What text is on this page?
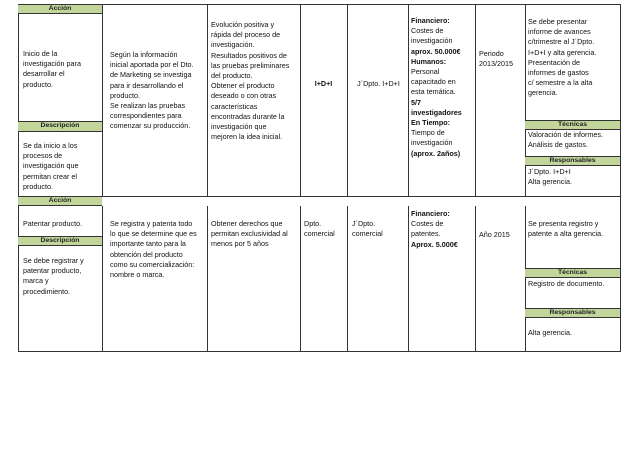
Acción
Inicio de la
investigación para
desarrollar el
producto.
Descripción
Se da inicio a los
procesos de
investigación que
permitan crear el
producto.
Según la información
inicial aportada por el Dto.
de Marketing se investiga
para ir desarrollando el
producto.
Se realizan las pruebas
correspondientes para
comenzar su producción.
Evolución positiva y
rápida del proceso de
investigación.
Resultados positivos de
las pruebas preliminares
del producto.
Obtener el producto
deseado o con otras
características
encontradas durante la
investigación que
mejoren la idea inicial.
I+D+I	J´Dpto. I+D+I
Financiero:
Costes de
investigación
aprox. 50.000€
Humanos:
Personal
capacitado en
esta temática.
5/7
investigadores
En Tiempo:
Tiempo de
investigación
(aprox. 2años)
Periodo
2013/2015
Se debe presentar
informe de avances
c/trimestre al J´Dpto.
I+D+I y alta gerencia.
Presentación de
informes de gastos
c/ semestre a la alta
gerencia.
Técnicas
Valoración de informes.
Análisis de gastos.
Responsables
J´Dpto. I+D+I
Alta gerencia.
Acción
Patentar producto.
Descripción
Se debe registrar y
patentar producto,
marca y
procedimiento.
Se registra y patenta todo
lo que se determine que es
importante tanto para la
obtención del producto
como su comercialización:
nombre o marca.
Obtener derechos que
permitan exclusividad al
menos por 5 años
Dpto.
comercial
J´Dpto.
comercial
Financiero:
Costes de
patentes.
Aprox. 5.000€
Año 2015
Se presenta registro y
patente a alta gerencia.
Técnicas
Registro de documento.
Responsables
Alta gerencia.
